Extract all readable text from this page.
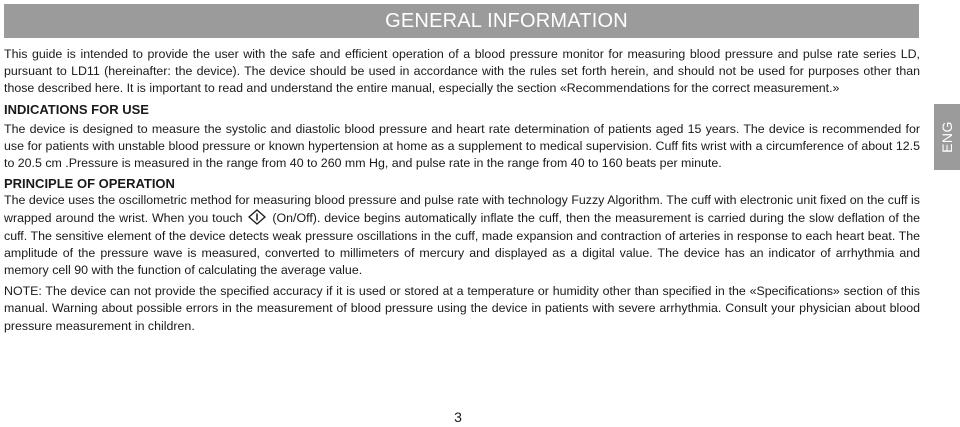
GENERAL INFORMATION
ENG

This guide is intended to provide the user with the safe and efficient operation of a blood pressure monitor for measuring blood pressure and pulse rate series LD, pursuant to LD11 (hereinafter: the device). The device should be used in accordance with the rules set forth herein, and should not be used for purposes other than those described here. It is important to read and understand the entire manual, especially the section «Recommendations for the correct measurement.»

INDICATIONS FOR USE

The device is designed to measure the systolic and diastolic blood pressure and heart rate determination of patients aged 15 years. The device is recommended for use for patients with unstable blood pressure or known hypertension at home as a supplement to medical supervision. Cuff fits wrist with a circumference of about 12.5 to 20.5 cm .Pressure is measured in the range from 40 to 260 mm Hg, and pulse rate in the range from 40 to 160 beats per minute.

PRINCIPLE OF OPERATION

The device uses the oscillometric method for measuring blood pressure and pulse rate with technology Fuzzy Algorithm. The cuff with electronic unit fixed on the cuff is wrapped around the wrist. When you touch (On/Off). device begins automatically inflate the cuff, then the measurement is carried during the slow deflation of the cuff. The sensitive element of the device detects weak pressure oscillations in the cuff, made expansion and contraction of arteries in response to each heart beat. The amplitude of the pressure wave is measured, converted to millimeters of mercury and displayed as a digital value. The device has an indicator of arrhythmia and memory cell 90 with the function of calculating the average value.

NOTE: The device can not provide the specified accuracy if it is used or stored at a temperature or humidity other than specified in the «Specifications» section of this manual. Warning about possible errors in the measurement of blood pressure using the device in patients with severe arrhythmia. Consult your physician about blood pressure measurement in children.

3
